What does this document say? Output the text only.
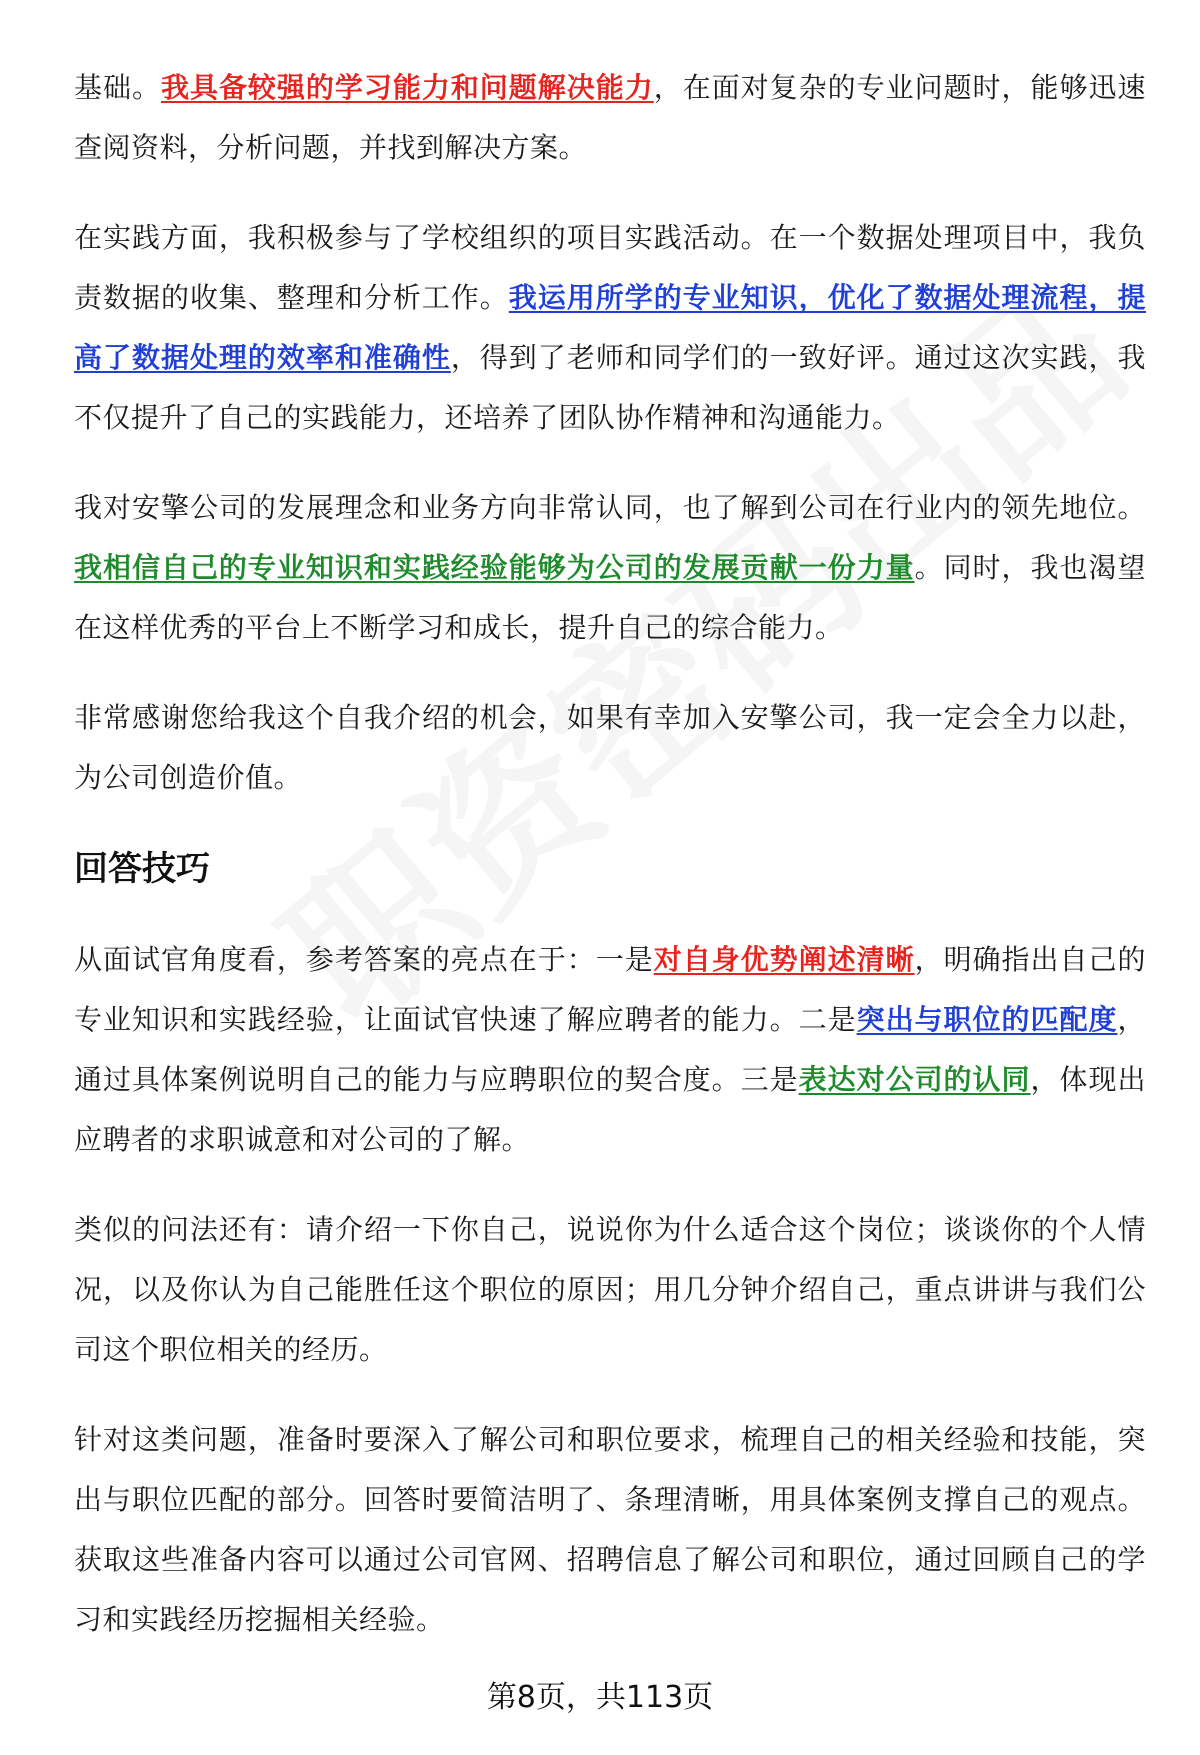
基础。我具备较强的学习能力和问题解决能力，在面对复杂的专业问题时，能够迅速查阅资料，分析问题，并找到解决方案。
在实践方面，我积极参与了学校组织的项目实践活动。在一个数据处理项目中，我负责数据的收集、整理和分析工作。我运用所学的专业知识，优化了数据处理流程，提高了数据处理的效率和准确性，得到了老师和同学们的一致好评。通过这次实践，我不仅提升了自己的实践能力，还培养了团队协作精神和沟通能力。
我对安擎公司的发展理念和业务方向非常认同，也了解到公司在行业内的领先地位。我相信自己的专业知识和实践经验能够为公司的发展贡献一份力量。同时，我也渴望在这样优秀的平台上不断学习和成长，提升自己的综合能力。
非常感谢您给我这个自我介绍的机会，如果有幸加入安擎公司，我一定会全力以赴，为公司创造价值。
回答技巧
从面试官角度看，参考答案的亮点在于：一是对自身优势阐述清晰，明确指出自己的专业知识和实践经验，让面试官快速了解应聘者的能力。二是突出与职位的匹配度，通过具体案例说明自己的能力与应聘职位的契合度。三是表达对公司的认同，体现出应聘者的求职诚意和对公司的了解。
类似的问法还有：请介绍一下你自己，说说你为什么适合这个岗位；谈谈你的个人情况，以及你认为自己能胜任这个职位的原因；用几分钟介绍自己，重点讲讲与我们公司这个职位相关的经历。
针对这类问题，准备时要深入了解公司和职位要求，梳理自己的相关经验和技能，突出与职位匹配的部分。回答时要简洁明了、条理清晰，用具体案例支撑自己的观点。获取这些准备内容可以通过公司官网、招聘信息了解公司和职位，通过回顾自己的学习和实践经历挖掘相关经验。
第8页，共113页
